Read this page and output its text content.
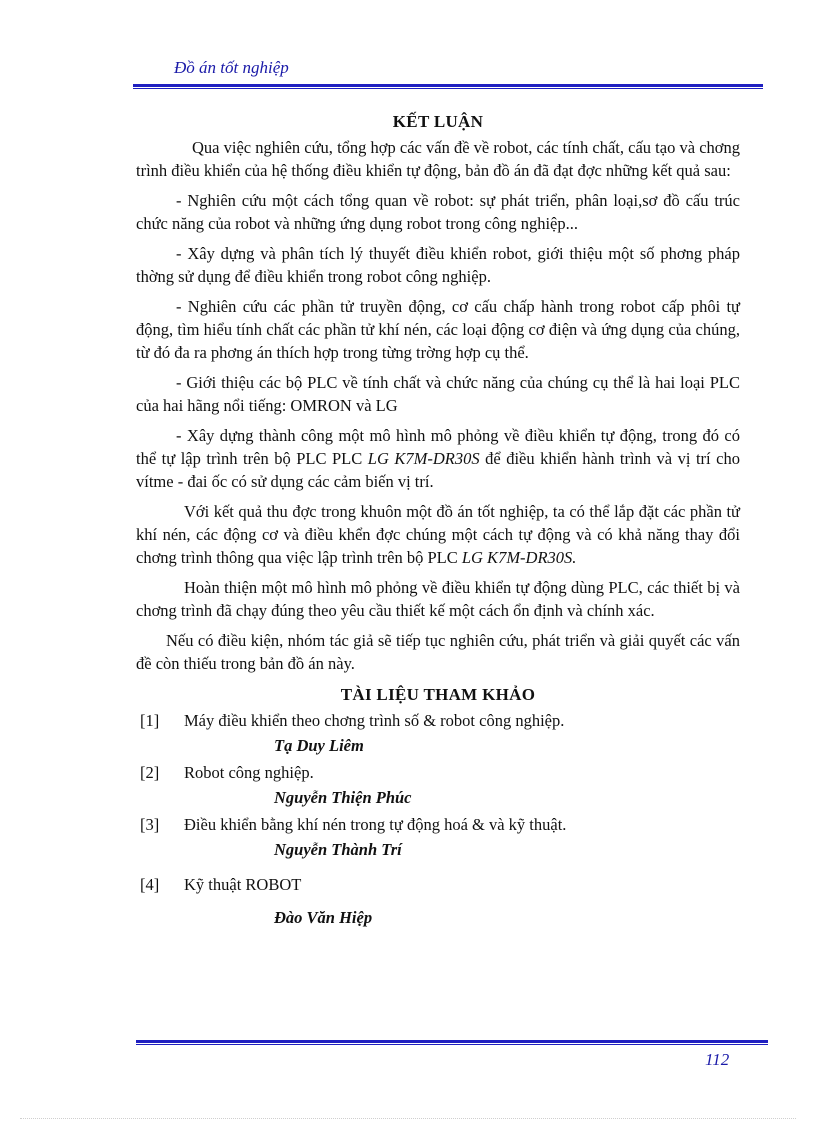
Đồ án tốt nghiệp
KẾT LUẬN

Qua việc nghiên cứu, tổng hợp các vấn đề về robot, các tính chất, cấu tạo và chơng trình điều khiển của hệ thống điều khiển tự động, bản đồ án đã đạt đợc những kết quả sau:

- Nghiên cứu một cách tổng quan về robot: sự phát triển, phân loại,sơ đồ cấu trúc chức năng của robot và những ứng dụng robot trong công nghiệp...

- Xây dựng và phân tích lý thuyết điều khiển robot, giới thiệu một số phơng pháp thờng sử dụng để điều khiển trong robot công nghiệp.

- Nghiên cứu các phần tử truyền động, cơ cấu chấp hành trong robot cấp phôi tự động, tìm hiểu tính chất các phần tử khí nén, các loại động cơ điện và ứng dụng của chúng, từ đó đa ra phơng án thích hợp trong từng trờng hợp cụ thể.

- Giới thiệu các bộ PLC về tính chất và chức năng của chúng cụ thể là hai loại PLC của hai hãng nổi tiếng: OMRON và LG

- Xây dựng thành công một mô hình mô phỏng về điều khiển tự động, trong đó có thể tự lập trình trên bộ PLC PLC LG K7M-DR30S để điều khiển hành trình và vị trí cho vítme - đai ốc có sử dụng các cảm biến vị trí.

Với kết quả thu đợc trong khuôn một đồ án tốt nghiệp, ta có thể lắp đặt các phần tử khí nén, các động cơ và điều khển đợc chúng một cách tự động và có khả năng thay đổi chơng trình thông qua việc lập trình trên bộ PLC LG K7M-DR30S.

Hoàn thiện một mô hình mô phỏng về điều khiển tự động dùng PLC, các thiết bị và chơng trình đã chạy đúng theo yêu cầu thiết kế một cách ổn định và chính xác.

Nếu có điều kiện, nhóm tác giả sẽ tiếp tục nghiên cứu, phát triển và giải quyết các vấn đề còn thiếu trong bản đồ án này.

TÀI LIỆU THAM KHẢO
[1] Máy điều khiển theo chơng trình số & robot công nghiệp.
Tạ Duy Liêm
[2] Robot công nghiệp.
Nguyễn Thiện Phúc
[3] Điều khiển bằng khí nén trong tự động hoá & và kỹ thuật.
Nguyễn Thành Trí
[4] Kỹ thuật ROBOT
Đào Văn Hiệp
112
